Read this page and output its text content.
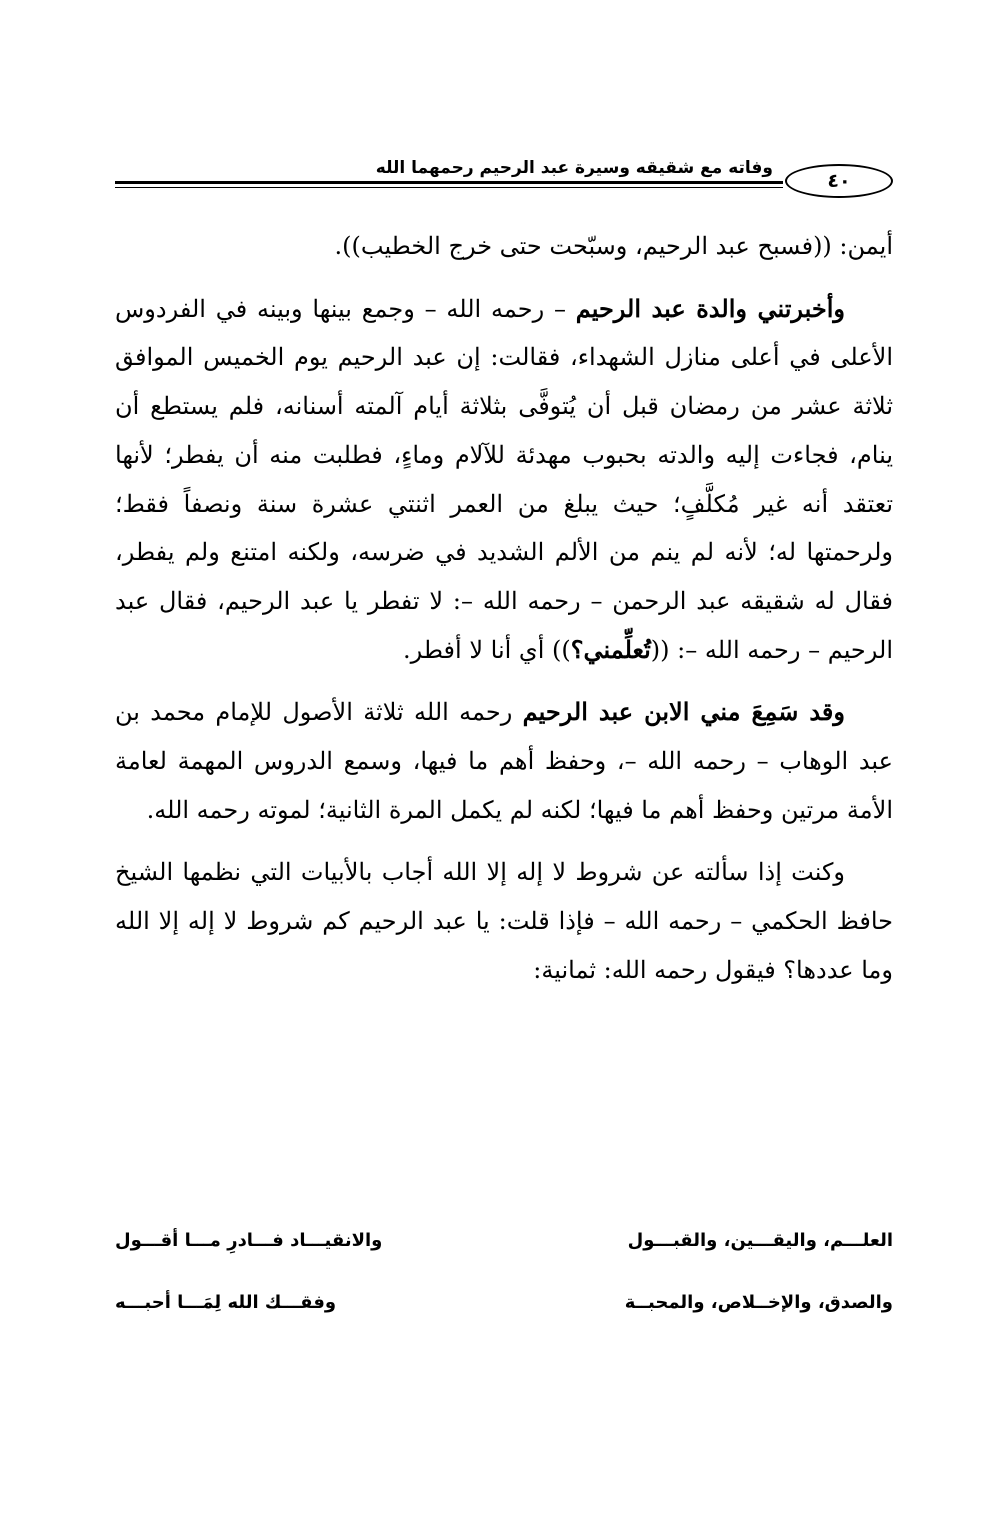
وفاته مع شقيقه وسيرة عبد الرحيم رحمهما الله
٤٠

أيمن: ((فسبح عبد الرحيم، وسبّحت حتى خرج الخطيب)).

وأخبرتني والدة عبد الرحيم – رحمه الله – وجمع بينها وبينه في الفردوس الأعلى في أعلى منازل الشهداء، فقالت: إن عبد الرحيم يوم الخميس الموافق ثلاثة عشر من رمضان قبل أن يُتوفَّى بثلاثة أيام آلمته أسنانه، فلم يستطع أن ينام، فجاءت إليه والدته بحبوب مهدئة للآلام وماءٍ، فطلبت منه أن يفطر؛ لأنها تعتقد أنه غير مُكلَّفٍ؛ حيث يبلغ من العمر اثنتي عشرة سنة ونصفاً فقط؛ ولرحمتها له؛ لأنه لم ينم من الألم الشديد في ضرسه، ولكنه امتنع ولم يفطر، فقال له شقيقه عبد الرحمن – رحمه الله –: لا تفطر يا عبد الرحيم، فقال عبد الرحيم – رحمه الله –: ((تُعلِّمني؟)) أي أنا لا أفطر.

وقد سَمِعَ مني الابن عبد الرحيم رحمه الله ثلاثة الأصول للإمام محمد بن عبد الوهاب – رحمه الله –، وحفظ أهم ما فيها، وسمع الدروس المهمة لعامة الأمة مرتين وحفظ أهم ما فيها؛ لكنه لم يكمل المرة الثانية؛ لموته رحمه الله.

وكنت إذا سألته عن شروط لا إله إلا الله أجاب بالأبيات التي نظمها الشيخ حافظ الحكمي – رحمه الله – فإذا قلت: يا عبد الرحيم كم شروط لا إله إلا الله وما عددها؟ فيقول رحمه الله: ثمانية:

العلـــم، واليقـــين، والقبـــول
والانقيـــاد فـــادرِ مـــا أقـــول
والصدق، والإخــلاص، والمحبــة
وفقـــك الله لِمَـــا أحبـــه
